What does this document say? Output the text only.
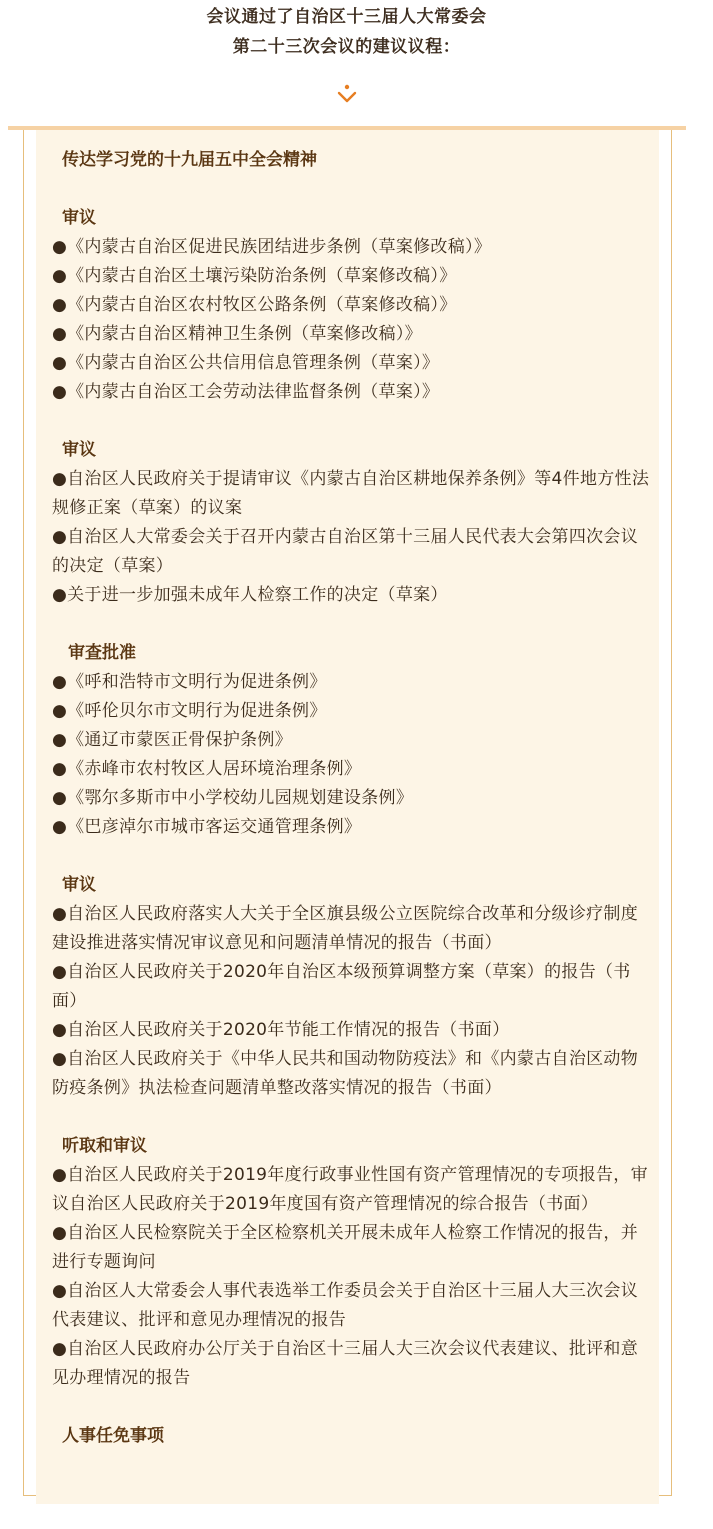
会议通过了自治区十三届人大常委会
第二十三次会议的建议议程：
传达学习党的十九届五中全会精神
审议
●《内蒙古自治区促进民族团结进步条例（草案修改稿）》
●《内蒙古自治区土壤污染防治条例（草案修改稿）》
●《内蒙古自治区农村牧区公路条例（草案修改稿）》
●《内蒙古自治区精神卫生条例（草案修改稿）》
●《内蒙古自治区公共信用信息管理条例（草案）》
●《内蒙古自治区工会劳动法律监督条例（草案）》
审议
●自治区人民政府关于提请审议《内蒙古自治区耕地保养条例》等4件地方性法规修正案（草案）的议案
●自治区人大常委会关于召开内蒙古自治区第十三届人民代表大会第四次会议的决定（草案）
●关于进一步加强未成年人检察工作的决定（草案）
审查批准
●《呼和浩特市文明行为促进条例》
●《呼伦贝尔市文明行为促进条例》
●《通辽市蒙医正骨保护条例》
●《赤峰市农村牧区人居环境治理条例》
●《鄂尔多斯市中小学校幼儿园规划建设条例》
●《巴彦淖尔市城市客运交通管理条例》
审议
●自治区人民政府落实人大关于全区旗县级公立医院综合改革和分级诊疗制度建设推进落实情况审议意见和问题清单情况的报告（书面）
●自治区人民政府关于2020年自治区本级预算调整方案（草案）的报告（书面）
●自治区人民政府关于2020年节能工作情况的报告（书面）
●自治区人民政府关于《中华人民共和国动物防疫法》和《内蒙古自治区动物防疫条例》执法检查问题清单整改落实情况的报告（书面）
听取和审议
●自治区人民政府关于2019年度行政事业性国有资产管理情况的专项报告，审议自治区人民政府关于2019年度国有资产管理情况的综合报告（书面）
●自治区人民检察院关于全区检察机关开展未成年人检察工作情况的报告，并进行专题询问
●自治区人大常委会人事代表选举工作委员会关于自治区十三届人大三次会议代表建议、批评和意见办理情况的报告
●自治区人民政府办公厅关于自治区十三届人大三次会议代表建议、批评和意见办理情况的报告
人事任免事项
